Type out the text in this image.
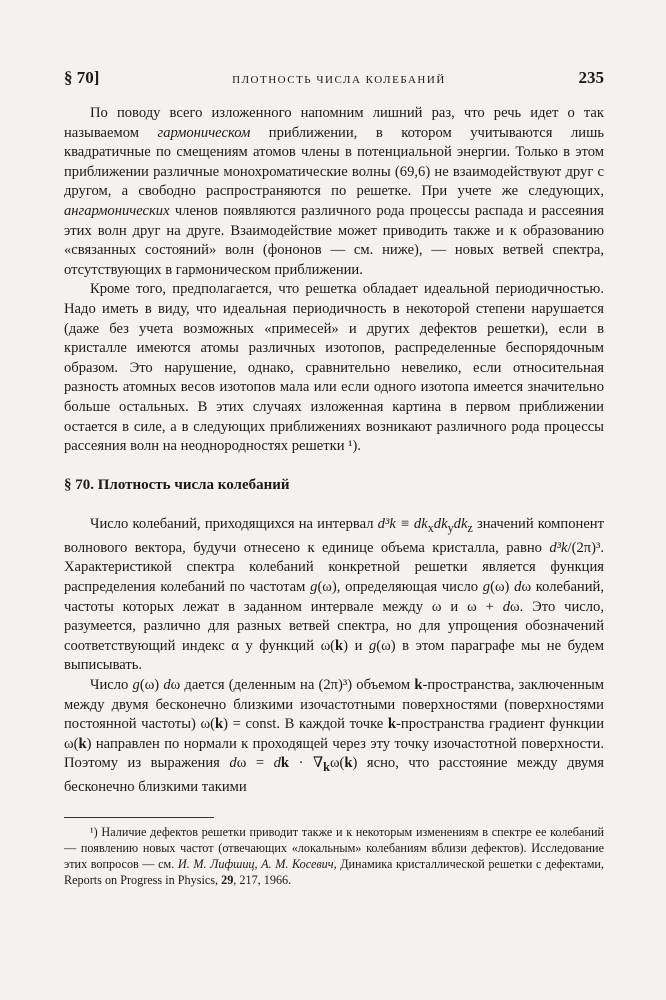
§ 70]	ПЛОТНОСТЬ ЧИСЛА КОЛЕБАНИЙ	235

По поводу всего изложенного напомним лишний раз, что речь идет о так называемом гармоническом приближении, в котором учитываются лишь квадратичные по смещениям атомов члены в потенциальной энергии. Только в этом приближении различные монохроматические волны (69,6) не взаимодействуют друг с другом, а свободно распространяются по решетке. При учете же следующих, ангармонических членов появляются различного рода процессы распада и рассеяния этих волн друг на друге. Взаимодействие может приводить также и к образованию «связанных состояний» волн (фононов — см. ниже), — новых ветвей спектра, отсутствующих в гармоническом приближении.

Кроме того, предполагается, что решетка обладает идеальной периодичностью. Надо иметь в виду, что идеальная периодичность в некоторой степени нарушается (даже без учета возможных «примесей» и других дефектов решетки), если в кристалле имеются атомы различных изотопов, распределенные беспорядочным образом. Это нарушение, однако, сравнительно невелико, если относительная разность атомных весов изотопов мала или если одного изотопа имеется значительно больше остальных. В этих случаях изложенная картина в первом приближении остается в силе, а в следующих приближениях возникают различного рода процессы рассеяния волн на неоднородностях решетки ¹).

§ 70. Плотность числа колебаний

Число колебаний, приходящихся на интервал $d^3k \equiv dk_xdk_ydk_z$ значений компонент волнового вектора, будучи отнесено к единице объема кристалла, равно d³k/(2π)³. Характеристикой спектра колебаний конкретной решетки является функция распределения колебаний по частотам g(ω), определяющая число g(ω) dω колебаний, частоты которых лежат в заданном интервале между ω и ω + dω. Это число, разумеется, различно для разных ветвей спектра, но для упрощения обозначений соответствующий индекс α у функций ω(k) и g(ω) в этом параграфе мы не будем выписывать.

Число g(ω) dω дается (деленным на (2π)³) объемом k-пространства, заключенным между двумя бесконечно близкими изочастотными поверхностями (поверхностями постоянной частоты) ω(k) = const. В каждой точке k-пространства градиент функции ω(k) направлен по нормали к проходящей через эту точку изочастотной поверхности. Поэтому из выражения dω = dk · $\nabla_k\omega(k)$ ясно, что расстояние между двумя бесконечно близкими такими

¹) Наличие дефектов решетки приводит также и к некоторым изменениям в спектре ее колебаний — появлению новых частот (отвечающих «локальным» колебаниям вблизи дефектов). Исследование этих вопросов — см. И. М. Лифшиц, А. М. Косевич, Динамика кристаллической решетки с дефектами, Reports on Progress in Physics, 29, 217, 1966.
